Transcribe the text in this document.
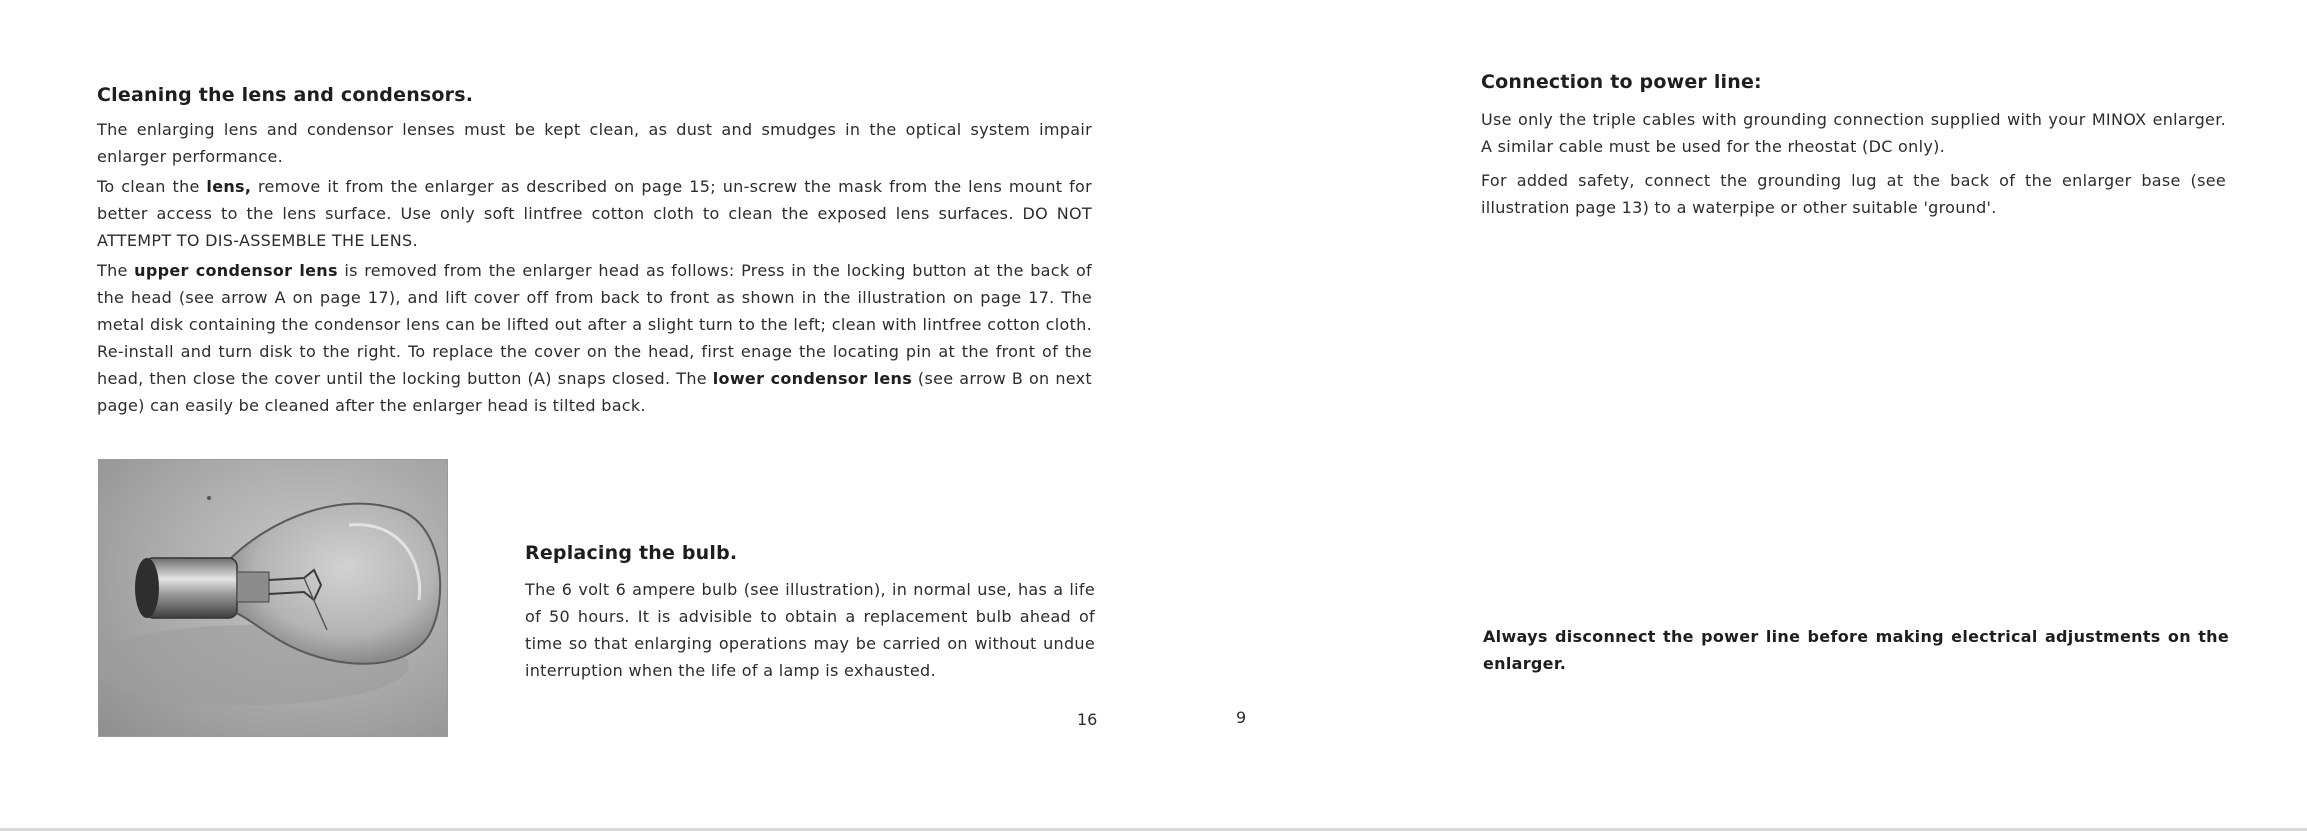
Cleaning the lens and condensors.

The enlarging lens and condensor lenses must be kept clean, as dust and smudges in the optical system impair enlarger performance.

To clean the lens, remove it from the enlarger as described on page 15; un-screw the mask from the lens mount for better access to the lens surface. Use only soft lintfree cotton cloth to clean the exposed lens surfaces. DO NOT ATTEMPT TO DIS-ASSEMBLE THE LENS.

The upper condensor lens is removed from the enlarger head as follows: Press in the locking button at the back of the head (see arrow A on page 17), and lift cover off from back to front as shown in the illustration on page 17. The metal disk containing the condensor lens can be lifted out after a slight turn to the left; clean with lintfree cotton cloth. Re-install and turn disk to the right. To replace the cover on the head, first enage the locating pin at the front of the head, then close the cover until the locking button (A) snaps closed. The lower condensor lens (see arrow B on next page) can easily be cleaned after the enlarger head is tilted back.

Replacing the bulb.

The 6 volt 6 ampere bulb (see illustration), in normal use, has a life of 50 hours. It is advisible to obtain a replacement bulb ahead of time so that enlarging operations may be carried on without undue interruption when the life of a lamp is exhausted.

16	9
Connection to power line:

Use only the triple cables with grounding connection supplied with your MINOX enlarger. A similar cable must be used for the rheostat (DC only).

For added safety, connect the grounding lug at the back of the enlarger base (see illustration page 13) to a waterpipe or other suitable 'ground'.

Always disconnect the power line before making electrical adjustments on the enlarger.
